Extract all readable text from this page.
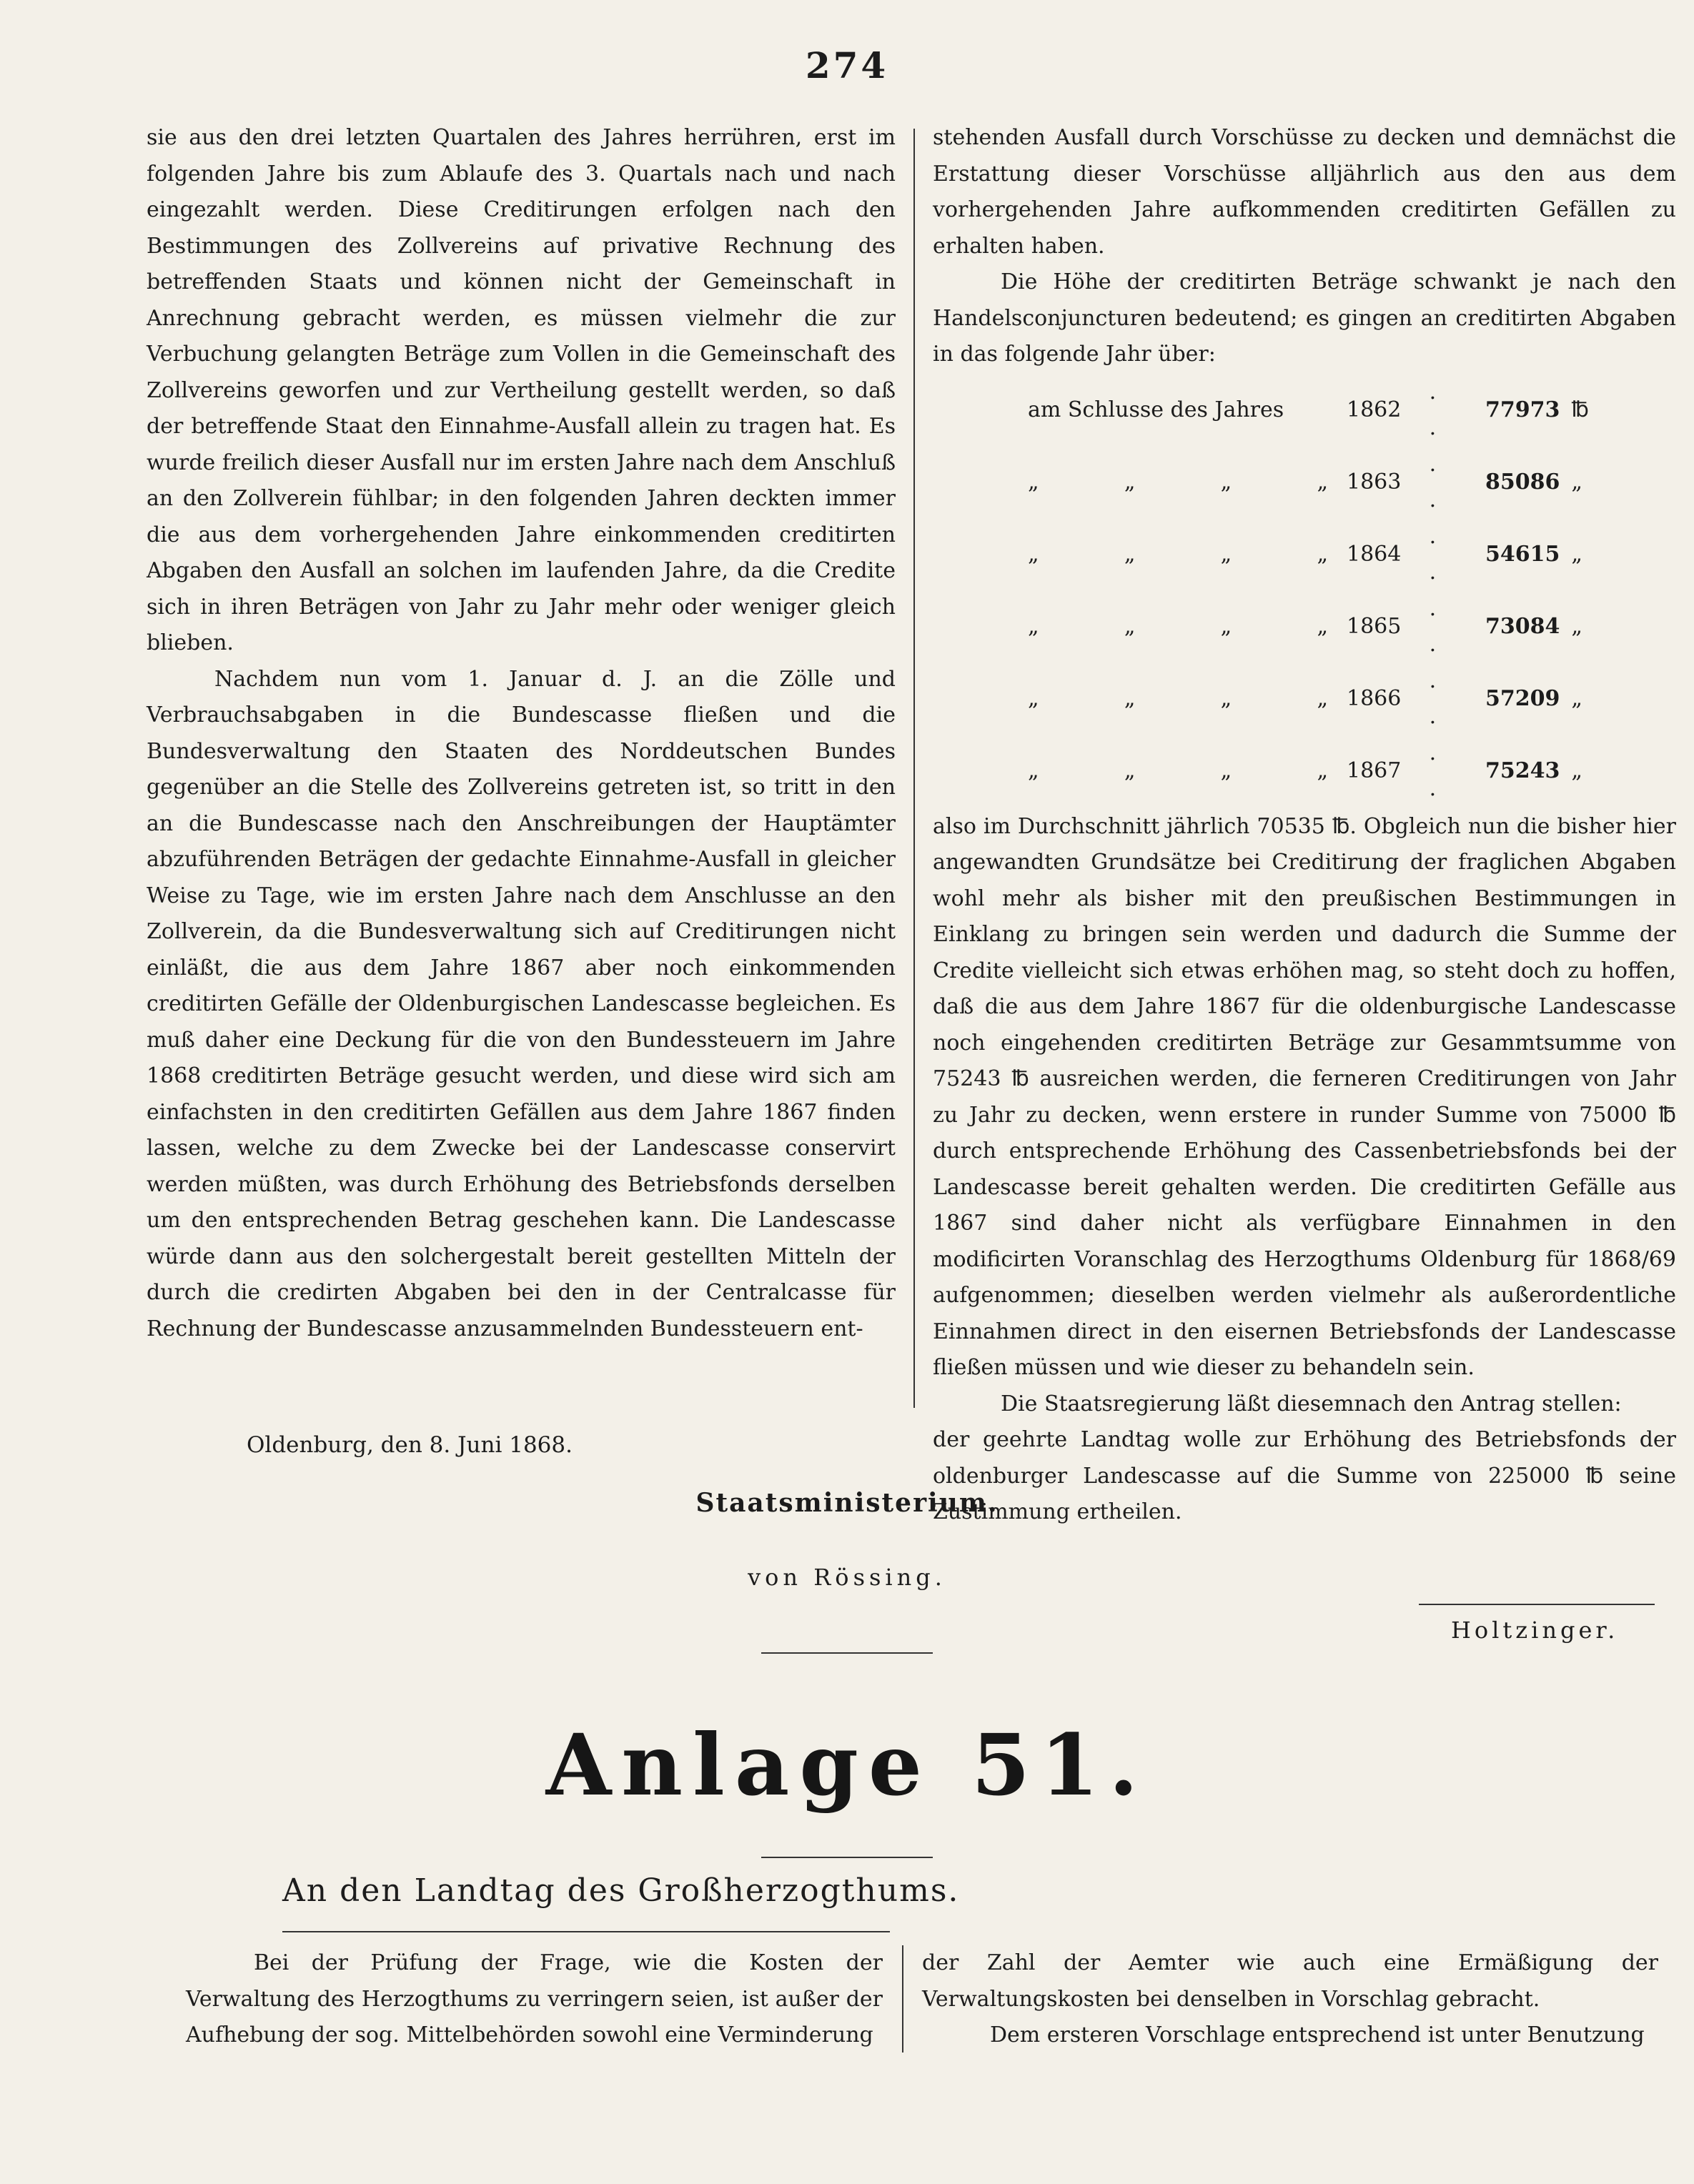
274

sie aus den drei letzten Quartalen des Jahres herrühren, erst im folgenden Jahre bis zum Ablaufe des 3. Quartals nach und nach eingezahlt werden. Diese Creditirungen erfolgen nach den Bestimmungen des Zollvereins auf privative Rechnung des betreffenden Staats und können nicht der Gemeinschaft in Anrechnung gebracht werden, es müssen vielmehr die zur Verbuchung gelangten Beträge zum Vollen in die Gemeinschaft des Zollvereins geworfen und zur Vertheilung gestellt werden, so daß der betreffende Staat den Einnahme-Ausfall allein zu tragen hat. Es wurde freilich dieser Ausfall nur im ersten Jahre nach dem Anschluß an den Zollverein fühlbar; in den folgenden Jahren deckten immer die aus dem vorhergehenden Jahre einkommenden creditirten Abgaben den Ausfall an solchen im laufenden Jahre, da die Credite sich in ihren Beträgen von Jahr zu Jahr mehr oder weniger gleich blieben.

Nachdem nun vom 1. Januar d. J. an die Zölle und Verbrauchsabgaben in die Bundescasse fließen und die Bundesverwaltung den Staaten des Norddeutschen Bundes gegenüber an die Stelle des Zollvereins getreten ist, so tritt in den an die Bundescasse nach den Anschreibungen der Hauptämter abzuführenden Beträgen der gedachte Einnahme-Ausfall in gleicher Weise zu Tage, wie im ersten Jahre nach dem Anschlusse an den Zollverein, da die Bundesverwaltung sich auf Creditirungen nicht einläßt, die aus dem Jahre 1867 aber noch einkommenden creditirten Gefälle der Oldenburgischen Landescasse begleichen. Es muß daher eine Deckung für die von den Bundessteuern im Jahre 1868 creditirten Beträge gesucht werden, und diese wird sich am einfachsten in den creditirten Gefällen aus dem Jahre 1867 finden lassen, welche zu dem Zwecke bei der Landescasse conservirt werden müßten, was durch Erhöhung des Betriebsfonds derselben um den entsprechenden Betrag geschehen kann. Die Landescasse würde dann aus den solchergestalt bereit gestellten Mitteln der durch die credirten Abgaben bei den in der Centralcasse für Rechnung der Bundescasse anzusammelnden Bundessteuern ent-

stehenden Ausfall durch Vorschüsse zu decken und demnächst die Erstattung dieser Vorschüsse alljährlich aus den aus dem vorhergehenden Jahre aufkommenden creditirten Gefällen zu erhalten haben.

Die Höhe der creditirten Beträge schwankt je nach den Handelsconjuncturen bedeutend; es gingen an creditirten Abgaben in das folgende Jahr über:

am Schlusse des Jahres	1862	. .	77973	℔

„ „ „ „	1863	. .	85086	„

„ „ „ „	1864	. .	54615	„

„ „ „ „	1865	. .	73084	„

„ „ „ „	1866	. .	57209	„

„ „ „ „	1867	. .	75243	„

also im Durchschnitt jährlich 70535 ℔. Obgleich nun die bisher hier angewandten Grundsätze bei Creditirung der fraglichen Abgaben wohl mehr als bisher mit den preußischen Bestimmungen in Einklang zu bringen sein werden und dadurch die Summe der Credite vielleicht sich etwas erhöhen mag, so steht doch zu hoffen, daß die aus dem Jahre 1867 für die oldenburgische Landescasse noch eingehenden creditirten Beträge zur Gesammtsumme von 75243 ℔ ausreichen werden, die ferneren Creditirungen von Jahr zu Jahr zu decken, wenn erstere in runder Summe von 75000 ℔ durch entsprechende Erhöhung des Cassenbetriebsfonds bei der Landescasse bereit gehalten werden. Die creditirten Gefälle aus 1867 sind daher nicht als verfügbare Einnahmen in den modificirten Voranschlag des Herzogthums Oldenburg für 1868/69 aufgenommen; dieselben werden vielmehr als außerordentliche Einnahmen direct in den eisernen Betriebsfonds der Landescasse fließen müssen und wie dieser zu behandeln sein.

Die Staatsregierung läßt diesemnach den Antrag stellen:

der geehrte Landtag wolle zur Erhöhung des Betriebsfonds der oldenburger Landescasse auf die Summe von 225000 ℔ seine Zustimmung ertheilen.

Oldenburg, den 8. Juni 1868.
Staatsministerium.
von Rössing.
Holtzinger.
Anlage 51.
An den Landtag des Großherzogthums.

Bei der Prüfung der Frage, wie die Kosten der Verwaltung des Herzogthums zu verringern seien, ist außer der Aufhebung der sog. Mittelbehörden sowohl eine Verminderung

der Zahl der Aemter wie auch eine Ermäßigung der Verwaltungskosten bei denselben in Vorschlag gebracht.

Dem ersteren Vorschlage entsprechend ist unter Benutzung
